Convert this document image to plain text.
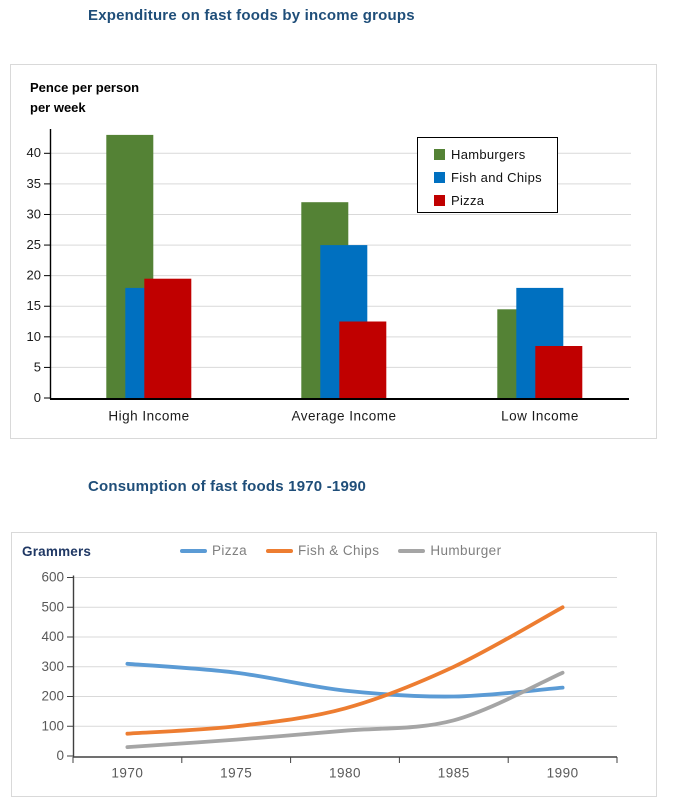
Expenditure on fast foods by income groups
0
5
10
15
20
25
30
35
40
High Income	Average Income	Low Income
Pence per person
per week
Hamburgers
Fish and Chips
Pizza
Consumption of fast foods 1970 -1990
0
100
200
300
400
500
600
1970	1975	1980	1985	1990
Grammers	Pizza	Fish & Chips	Humburger
